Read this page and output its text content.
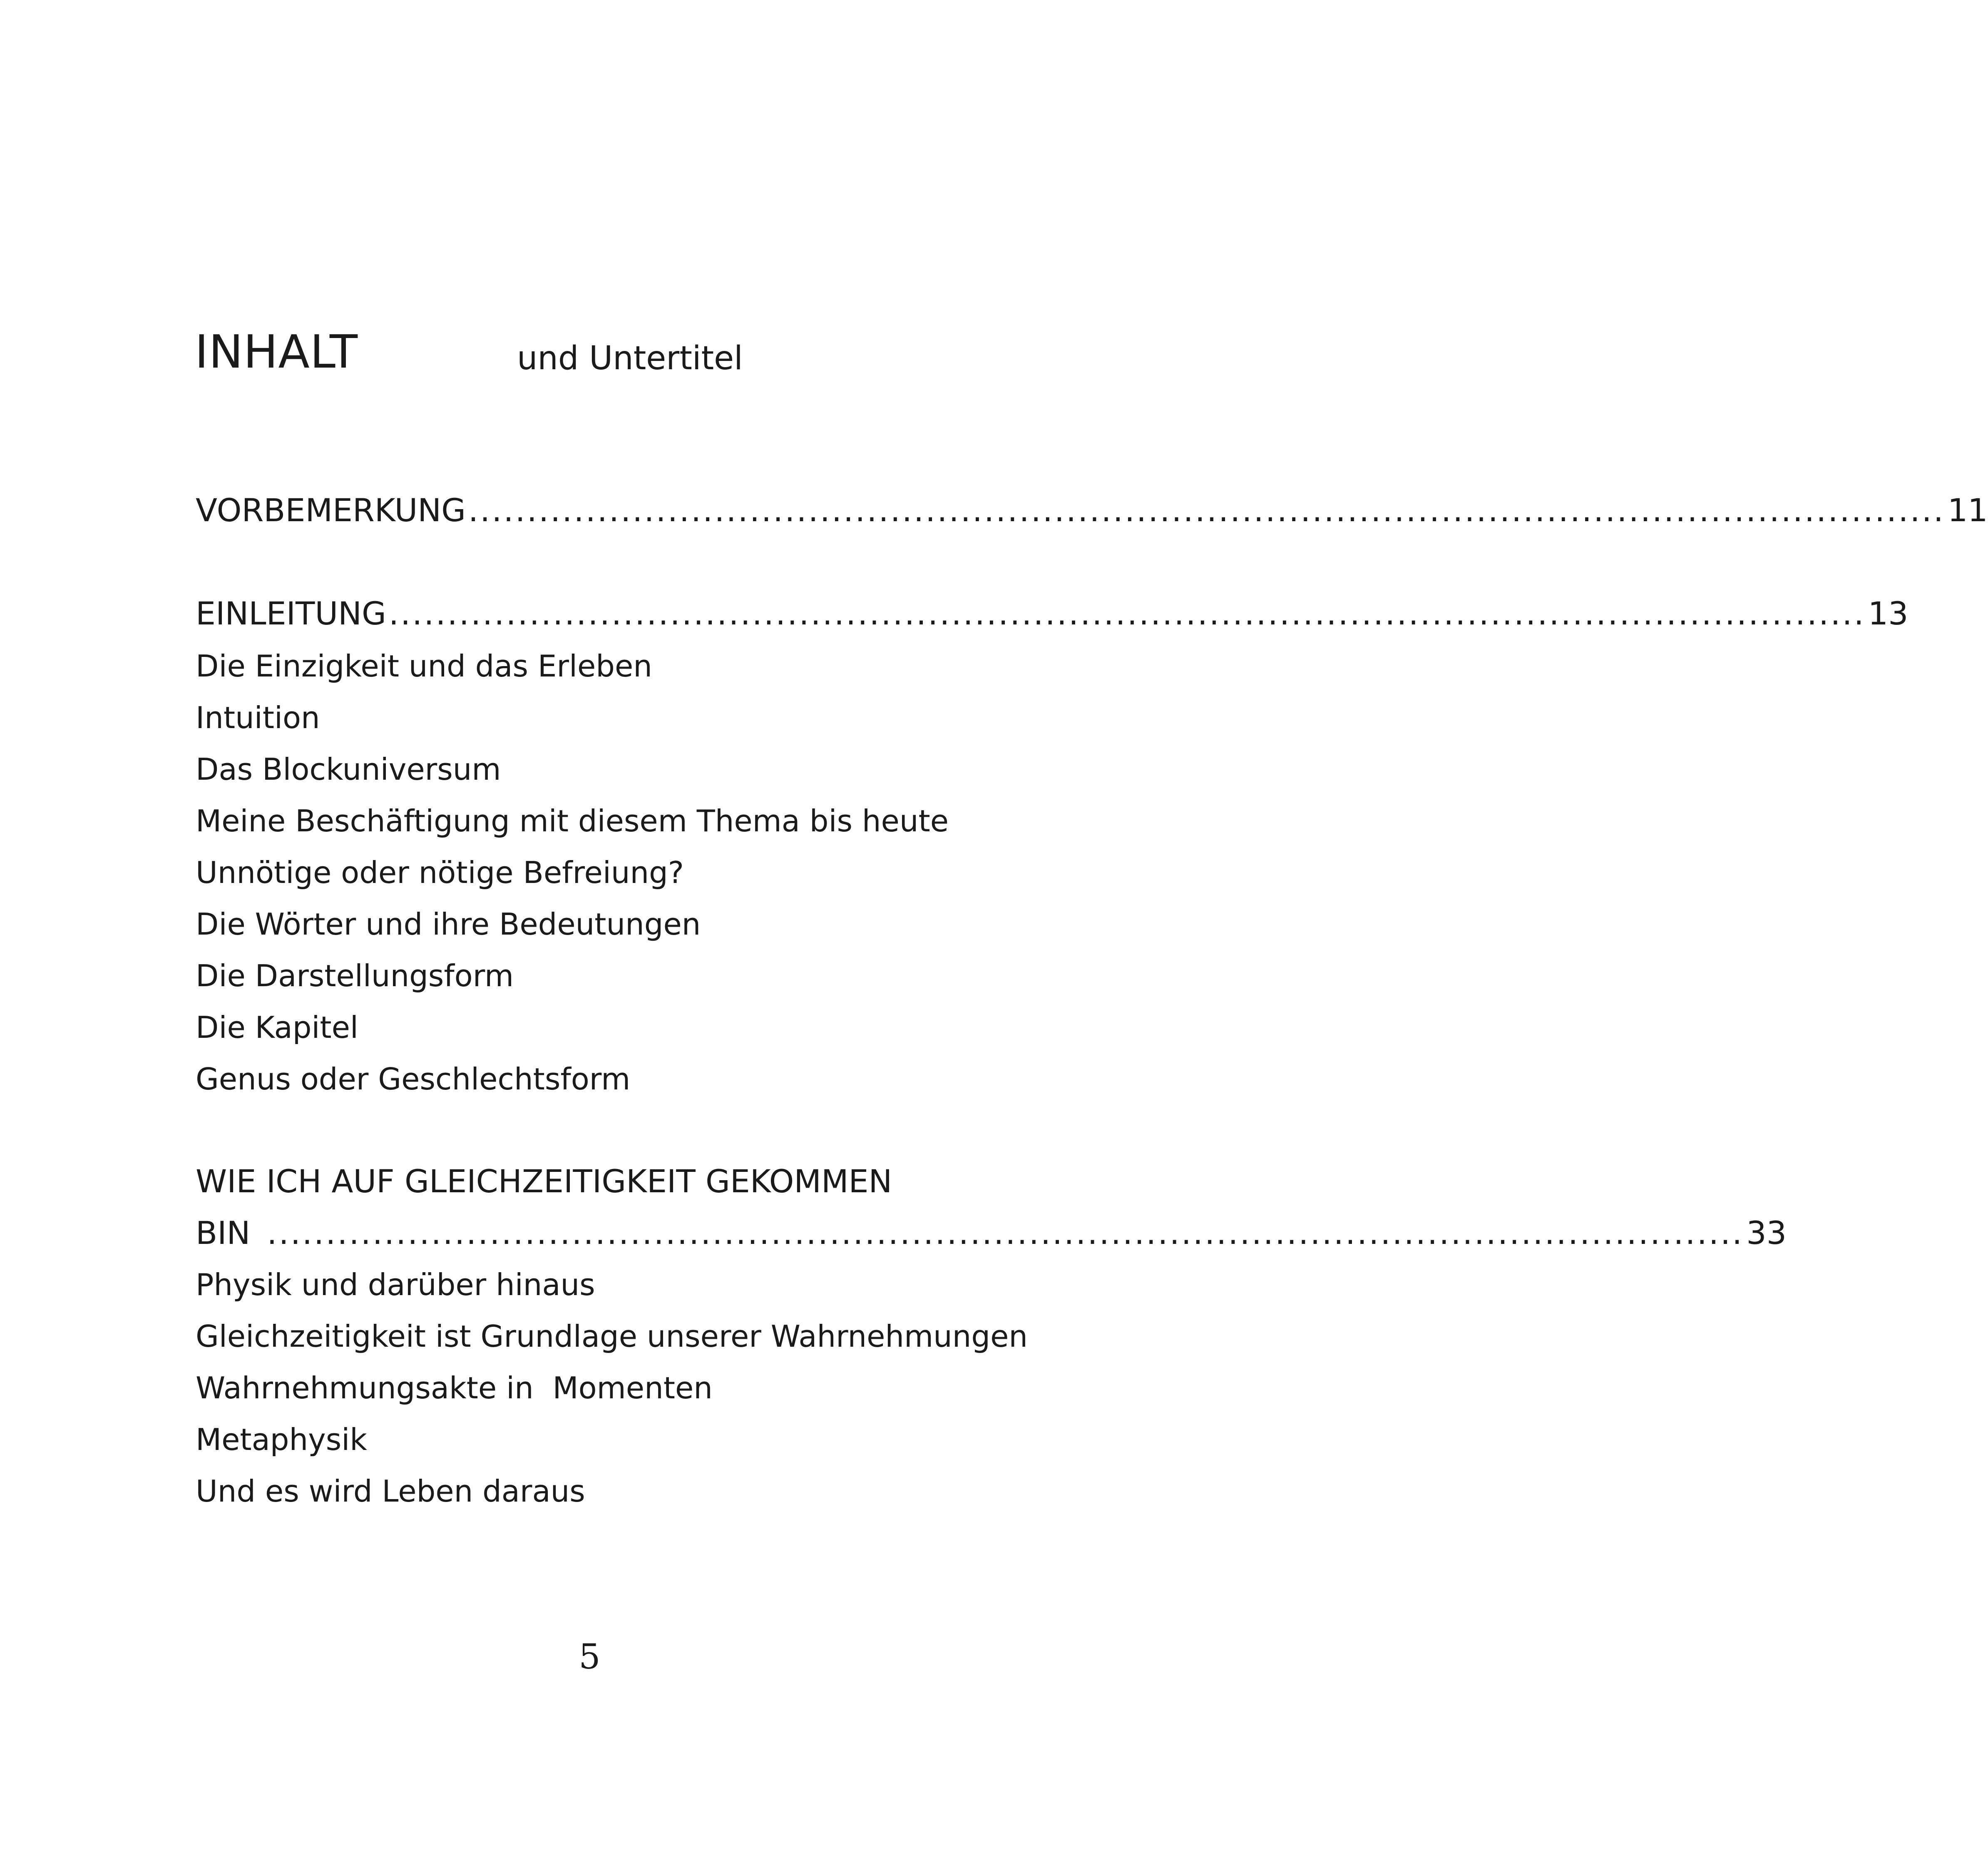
INHALT	und Untertitel
VORBEMERKUNG .............................................................................................................................. 11
EINLEITUNG .............................................................................................................................. 13
Die Einzigkeit und das Erleben
Intuition
Das Blockuniversum
Meine Beschäftigung mit diesem Thema bis heute
Unnötige oder nötige Befreiung?
Die Wörter und ihre Bedeutungen
Die Darstellungsform
Die Kapitel
Genus oder Geschlechtsform
WIE ICH AUF GLEICHZEITIGKEIT GEKOMMEN
BIN .............................................................................................................................. 33
Physik und darüber hinaus
Gleichzeitigkeit ist Grundlage unserer Wahrnehmungen
Wahrnehmungsakte in  Momenten
Metaphysik
Und es wird Leben daraus
5
